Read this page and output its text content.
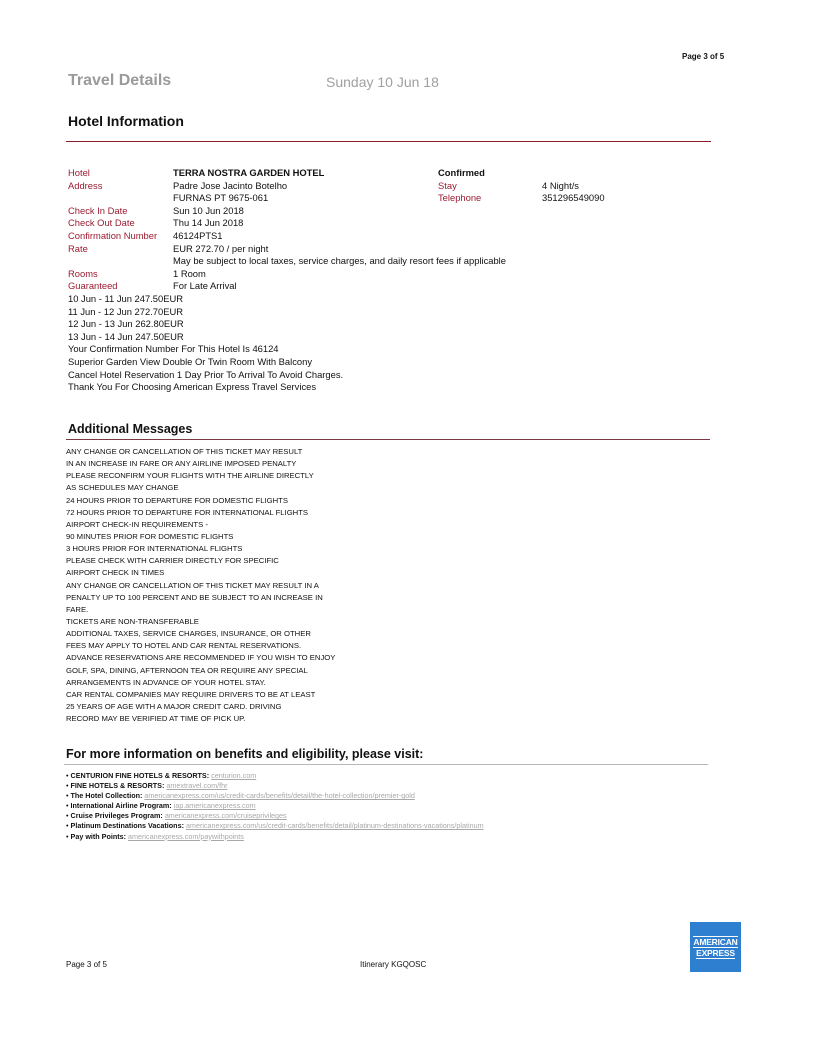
Page 3 of 5
Travel Details	Sunday 10 Jun 18
Hotel Information
Hotel	TERRA NOSTRA GARDEN HOTEL	Confirmed
Address	Padre Jose Jacinto Botelho	Stay	4 Night/s
FURNAS PT 9675-061	Telephone	351296549090
Check In Date	Sun 10 Jun 2018
Check Out Date	Thu 14 Jun 2018
Confirmation Number 46124PTS1
Rate	EUR 272.70 / per night
May be subject to local taxes, service charges, and daily resort fees if applicable
Rooms	1 Room
Guaranteed	For Late Arrival
10 Jun - 11 Jun 247.50EUR
11 Jun - 12 Jun 272.70EUR
12 Jun - 13 Jun 262.80EUR
13 Jun - 14 Jun 247.50EUR
Your Confirmation Number For This Hotel Is 46124
Superior Garden View Double Or Twin Room With Balcony
Cancel Hotel Reservation 1 Day Prior To Arrival To Avoid Charges.
Thank You For Choosing American Express Travel Services
Additional Messages
ANY CHANGE OR CANCELLATION OF THIS TICKET MAY RESULT
IN AN INCREASE IN FARE OR ANY AIRLINE IMPOSED PENALTY
PLEASE RECONFIRM YOUR FLIGHTS WITH THE AIRLINE DIRECTLY
AS SCHEDULES MAY CHANGE
24 HOURS PRIOR TO DEPARTURE FOR DOMESTIC FLIGHTS
72 HOURS PRIOR TO DEPARTURE FOR INTERNATIONAL FLIGHTS
AIRPORT CHECK-IN REQUIREMENTS -
90 MINUTES PRIOR FOR DOMESTIC FLIGHTS
3 HOURS PRIOR FOR INTERNATIONAL FLIGHTS
PLEASE CHECK WITH CARRIER DIRECTLY FOR SPECIFIC
AIRPORT CHECK IN TIMES
ANY CHANGE OR CANCELLATION OF THIS TICKET MAY RESULT IN A
PENALTY UP TO 100 PERCENT AND BE SUBJECT TO AN INCREASE IN
FARE.
TICKETS ARE NON-TRANSFERABLE
ADDITIONAL TAXES, SERVICE CHARGES, INSURANCE, OR OTHER
FEES MAY APPLY TO HOTEL AND CAR RENTAL RESERVATIONS.
ADVANCE RESERVATIONS ARE RECOMMENDED IF YOU WISH TO ENJOY
GOLF, SPA, DINING, AFTERNOON TEA OR REQUIRE ANY SPECIAL
ARRANGEMENTS IN ADVANCE OF YOUR HOTEL STAY.
CAR RENTAL COMPANIES MAY REQUIRE DRIVERS TO BE AT LEAST
25 YEARS OF AGE WITH A MAJOR CREDIT CARD. DRIVING
RECORD MAY BE VERIFIED AT TIME OF PICK UP.
For more information on benefits and eligibility, please visit:
• CENTURION FINE HOTELS & RESORTS: centurion.com
• FINE HOTELS & RESORTS: amextravel.com/fhr
• The Hotel Collection: americanexpress.com/us/credit-cards/benefits/detail/the-hotel-collection/premier-gold
• International Airline Program: iap.americanexpress.com
• Cruise Privileges Program: americanexpress.com/cruiseprivileges
• Platinum Destinations Vacations: americanexpress.com/us/credit-cards/benefits/detail/platinum-destinations-vacations/platinum
• Pay with Points: americanexpress.com/paywithpoints
Page 3 of 5	Itinerary KGQOSC
AMERICAN
EXPRESS
